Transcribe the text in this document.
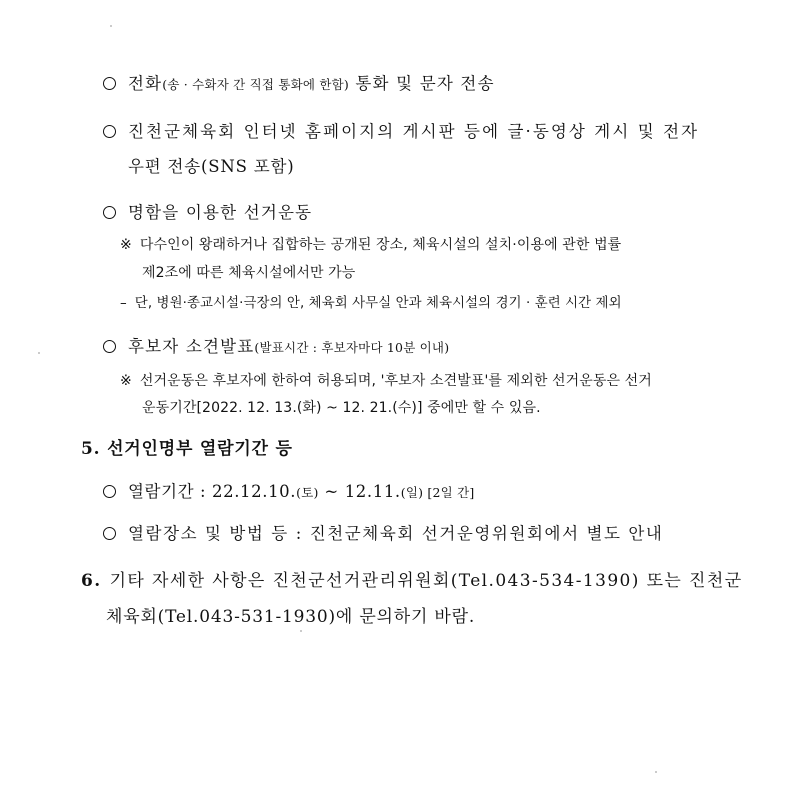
전화(송 · 수화자 간 직접 통화에 한함) 통화 및 문자 전송
진천군체육회 인터넷 홈페이지의 게시판 등에 글·동영상 게시 및 전자
우편 전송(SNS 포함)
명함을 이용한 선거운동
※ 다수인이 왕래하거나 집합하는 공개된 장소, 체육시설의 설치·이용에 관한 법률
제2조에 따른 체육시설에서만 가능
– 단, 병원·종교시설·극장의 안, 체육회 사무실 안과 체육시설의 경기 · 훈련 시간 제외
후보자 소견발표(발표시간 : 후보자마다 10분 이내)
※ 선거운동은 후보자에 한하여 허용되며, '후보자 소견발표'를 제외한 선거운동은 선거
운동기간[2022. 12. 13.(화) ~ 12. 21.(수)] 중에만 할 수 있음.
5. 선거인명부 열람기간 등
열람기간 : 22.12.10.(토) ~ 12.11.(일) [2일 간]
열람장소 및 방법 등 : 진천군체육회 선거운영위원회에서 별도 안내
6. 기타 자세한 사항은 진천군선거관리위원회(Tel.043-534-1390) 또는 진천군
체육회(Tel.043-531-1930)에 문의하기 바람.
